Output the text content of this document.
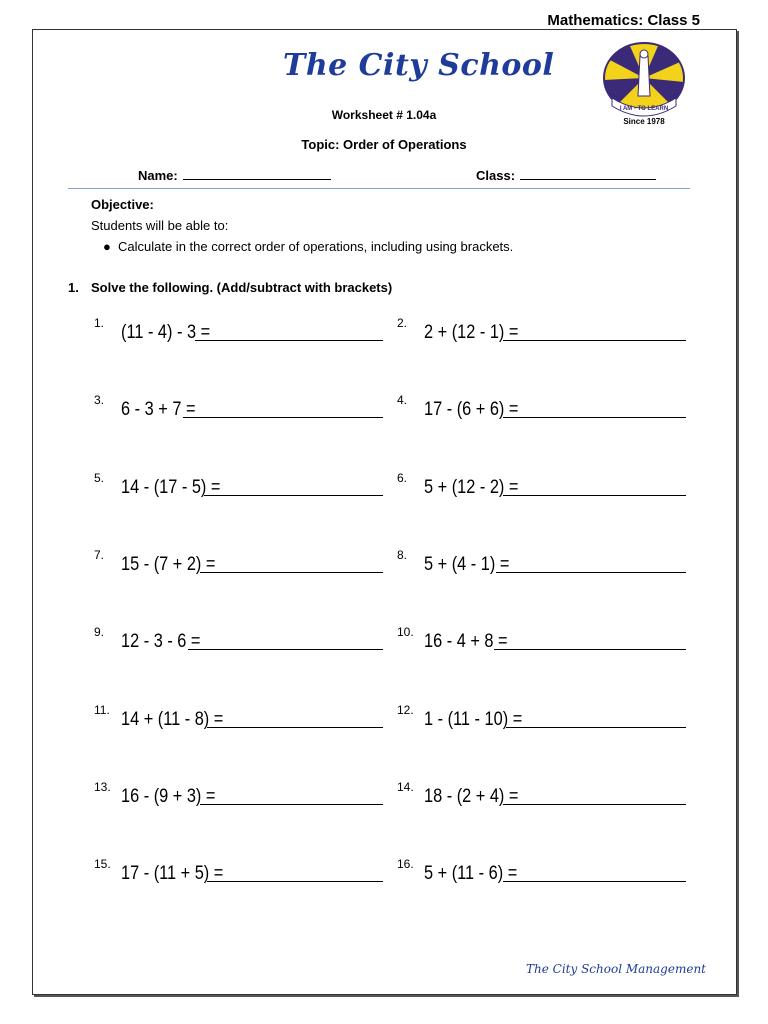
Mathematics: Class 5
The City School
I AM - TO LEARN
Since 1978
Worksheet # 1.04a
Topic: Order of Operations
Name:	Class:
Objective:
Students will be able to:
● Calculate in the correct order of operations, including using brackets.
1. Solve the following. (Add/subtract with brackets)
1. (11 - 4) - 3 =	2. 2 + (12 - 1) =
3. 6 - 3 + 7 =	4. 17 - (6 + 6) =
5. 14 - (17 - 5) =	6. 5 + (12 - 2) =
7. 15 - (7 + 2) =	8. 5 + (4 - 1) =
9. 12 - 3 - 6 =	10. 16 - 4 + 8 =
11. 14 + (11 - 8) =	12. 1 - (11 - 10) =
13. 16 - (9 + 3) =	14. 18 - (2 + 4) =
15. 17 - (11 + 5) =	16. 5 + (11 - 6) =
The City School Management
